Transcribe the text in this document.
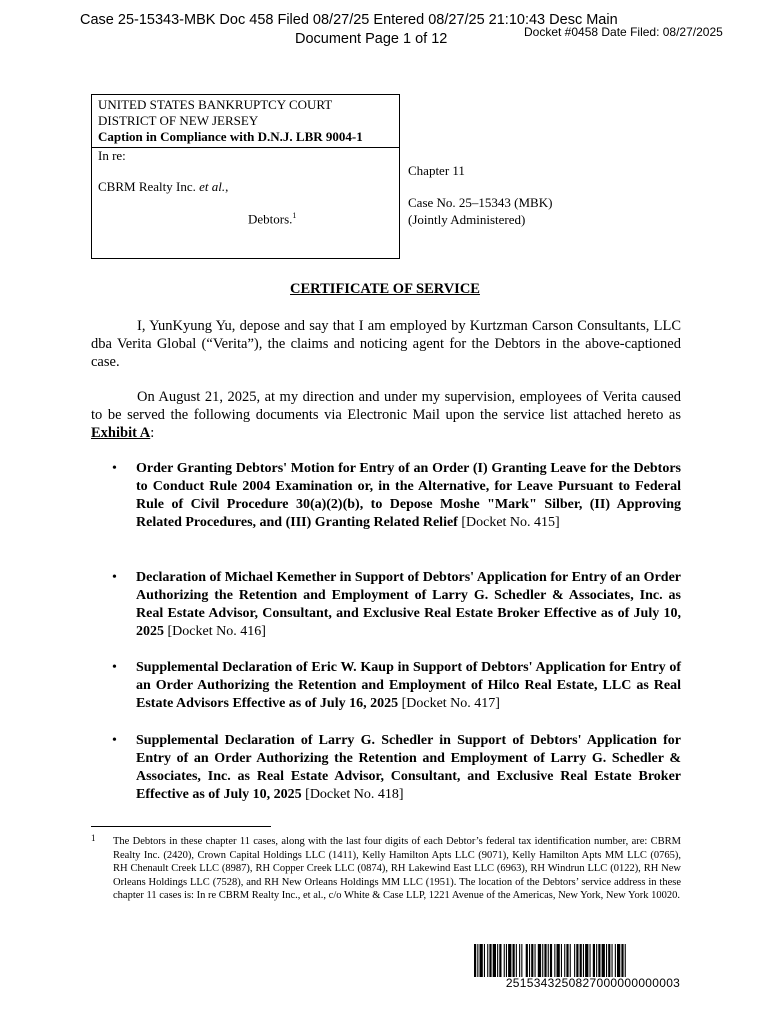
Case 25-15343-MBK Doc 458 Filed 08/27/25 Entered 08/27/25 21:10:43 Desc Main
Docket #0458 Date Filed: 08/27/2025
Document Page 1 of 12
UNITED STATES BANKRUPTCY COURT
DISTRICT OF NEW JERSEY
Caption in Compliance with D.N.J. LBR 9004-1
In re:
CBRM Realty Inc. et al.,
Debtors.$^1$
Chapter 11
Case No. 25–15343 (MBK)
(Jointly Administered)
CERTIFICATE OF SERVICE
I, YunKyung Yu, depose and say that I am employed by Kurtzman Carson Consultants, LLC dba Verita Global (“Verita”), the claims and noticing agent for the Debtors in the above-captioned case.
On August 21, 2025, at my direction and under my supervision, employees of Verita caused to be served the following documents via Electronic Mail upon the service list attached hereto as Exhibit A:
• Order Granting Debtors' Motion for Entry of an Order (I) Granting Leave for the Debtors to Conduct Rule 2004 Examination or, in the Alternative, for Leave Pursuant to Federal Rule of Civil Procedure 30(a)(2)(b), to Depose Moshe "Mark" Silber, (II) Approving Related Procedures, and (III) Granting Related Relief [Docket No. 415]
• Declaration of Michael Kemether in Support of Debtors' Application for Entry of an Order Authorizing the Retention and Employment of Larry G. Schedler & Associates, Inc. as Real Estate Advisor, Consultant, and Exclusive Real Estate Broker Effective as of July 10, 2025 [Docket No. 416]
• Supplemental Declaration of Eric W. Kaup in Support of Debtors' Application for Entry of an Order Authorizing the Retention and Employment of Hilco Real Estate, LLC as Real Estate Advisors Effective as of July 16, 2025 [Docket No. 417]
• Supplemental Declaration of Larry G. Schedler in Support of Debtors' Application for Entry of an Order Authorizing the Retention and Employment of Larry G. Schedler & Associates, Inc. as Real Estate Advisor, Consultant, and Exclusive Real Estate Broker Effective as of July 10, 2025 [Docket No. 418]
1 The Debtors in these chapter 11 cases, along with the last four digits of each Debtor’s federal tax identification number, are: CBRM Realty Inc. (2420), Crown Capital Holdings LLC (1411), Kelly Hamilton Apts LLC (9071), Kelly Hamilton Apts MM LLC (0765), RH Chenault Creek LLC (8987), RH Copper Creek LLC (0874), RH Lakewind East LLC (6963), RH Windrun LLC (0122), RH New Orleans Holdings LLC (7528), and RH New Orleans Holdings MM LLC (1951). The location of the Debtors’ service address in these chapter 11 cases is: In re CBRM Realty Inc., et al., c/o White & Case LLP, 1221 Avenue of the Americas, New York, New York 10020.
2515343250827000000000003
